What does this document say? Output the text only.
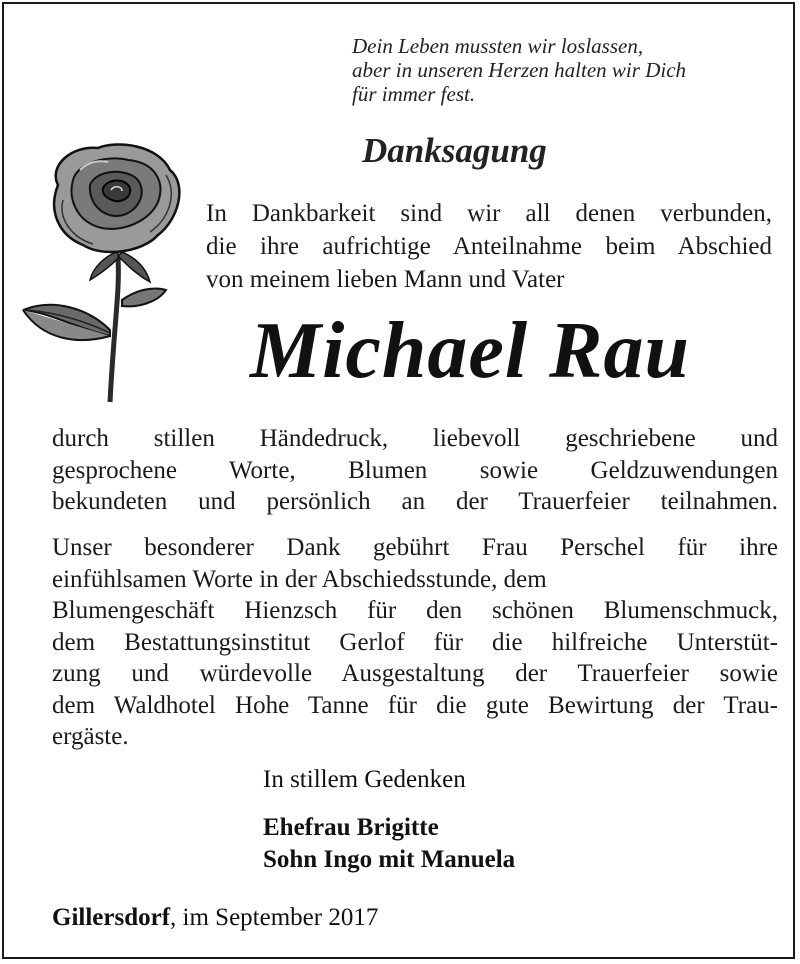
Dein Leben mussten wir loslassen,
aber in unseren Herzen halten wir Dich
für immer fest.
Danksagung
In Dankbarkeit sind wir all denen verbunden,
die ihre aufrichtige Anteilnahme beim Abschied
von meinem lieben Mann und Vater
Michael Rau
durch stillen Händedruck, liebevoll geschriebene und
gesprochene Worte, Blumen sowie Geldzuwendungen
bekundeten und persönlich an der Trauerfeier teilnahmen.
Unser besonderer Dank gebührt Frau Perschel für ihre
einfühlsamen Worte in der Abschiedsstunde, dem
Blumengeschäft Hienzsch für den schönen Blumenschmuck,
dem Bestattungsinstitut Gerlof für die hilfreiche Unterstüt-
zung und würdevolle Ausgestaltung der Trauerfeier sowie
dem Waldhotel Hohe Tanne für die gute Bewirtung der Trau-
ergäste.
In stillem Gedenken
Ehefrau Brigitte
Sohn Ingo mit Manuela
Gillersdorf, im September 2017
